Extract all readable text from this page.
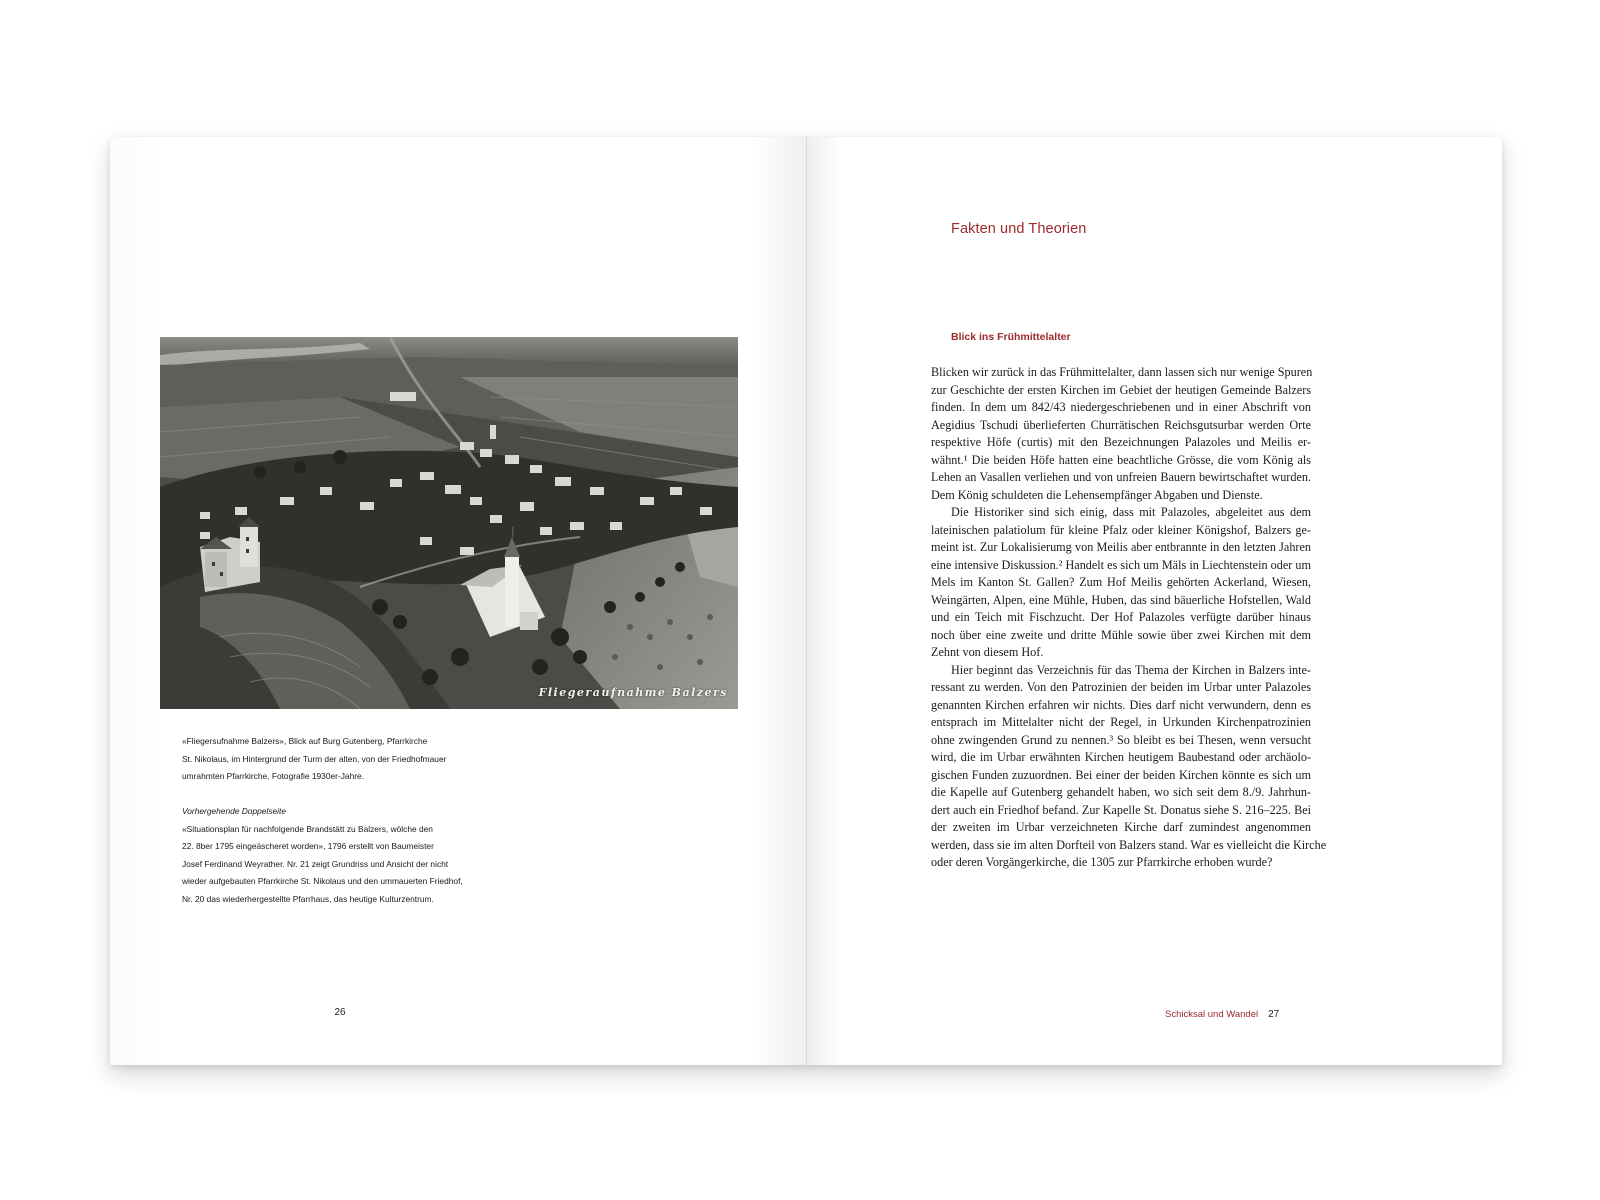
Fliegeraufnahme Balzers
«Fliegersufnahme Balzers», Blick auf Burg Gutenberg, Pfarrkirche
St. Nikolaus, im Hintergrund der Turm der alten, von der Friedhofmauer
umrahmten Pfarrkirche, Fotografie 1930er-Jahre.
Vorhergehende Doppelseite
«Situationsplan für nachfolgende Brandstätt zu Balzers, wölche den
22. 8ber 1795 eingeäscheret worden», 1796 erstellt von Baumeister
Josef Ferdinand Weyrather. Nr. 21 zeigt Grundriss und Ansicht der nicht
wieder aufgebauten Pfarrkirche St. Nikolaus und den ummauerten Friedhof,
Nr. 20 das wiederhergestellte Pfarrhaus, das heutige Kulturzentrum.
26
Fakten und Theorien
Blick ins Frühmittelalter
Blicken wir zurück in das Frühmittelalter, dann lassen sich nur wenige Spuren
zur Geschichte der ersten Kirchen im Gebiet der heutigen Gemeinde Balzers
finden. In dem um 842/43 niedergeschriebenen und in einer Abschrift von
Aegidius Tschudi überlieferten Churrätischen Reichsgutsurbar werden Orte
respektive Höfe (curtis) mit den Bezeichnungen Palazoles und Meilis er-
wähnt.¹ Die beiden Höfe hatten eine beachtliche Grösse, die vom König als
Lehen an Vasallen verliehen und von unfreien Bauern bewirtschaftet wurden.
Dem König schuldeten die Lehensempfänger Abgaben und Dienste.
Die Historiker sind sich einig, dass mit Palazoles, abgeleitet aus dem
lateinischen palatiolum für kleine Pfalz oder kleiner Königshof, Balzers ge-
meint ist. Zur Lokalisierumg von Meilis aber entbrannte in den letzten Jahren
eine intensive Diskussion.² Handelt es sich um Mäls in Liechtenstein oder um
Mels im Kanton St. Gallen? Zum Hof Meilis gehörten Ackerland, Wiesen,
Weingärten, Alpen, eine Mühle, Huben, das sind bäuerliche Hofstellen, Wald
und ein Teich mit Fischzucht. Der Hof Palazoles verfügte darüber hinaus
noch über eine zweite und dritte Mühle sowie über zwei Kirchen mit dem
Zehnt von diesem Hof.
Hier beginnt das Verzeichnis für das Thema der Kirchen in Balzers inte-
ressant zu werden. Von den Patrozinien der beiden im Urbar unter Palazoles
genannten Kirchen erfahren wir nichts. Dies darf nicht verwundern, denn es
entsprach im Mittelalter nicht der Regel, in Urkunden Kirchenpatrozinien
ohne zwingenden Grund zu nennen.³ So bleibt es bei Thesen, wenn versucht
wird, die im Urbar erwähnten Kirchen heutigem Baubestand oder archäolo-
gischen Funden zuzuordnen. Bei einer der beiden Kirchen könnte es sich um
die Kapelle auf Gutenberg gehandelt haben, wo sich seit dem 8./9. Jahrhun-
dert auch ein Friedhof befand. Zur Kapelle St. Donatus siehe S. 216–225. Bei
der zweiten im Urbar verzeichneten Kirche darf zumindest angenommen
werden, dass sie im alten Dorfteil von Balzers stand. War es vielleicht die Kirche
oder deren Vorgängerkirche, die 1305 zur Pfarrkirche erhoben wurde?
Schicksal und Wandel 27
